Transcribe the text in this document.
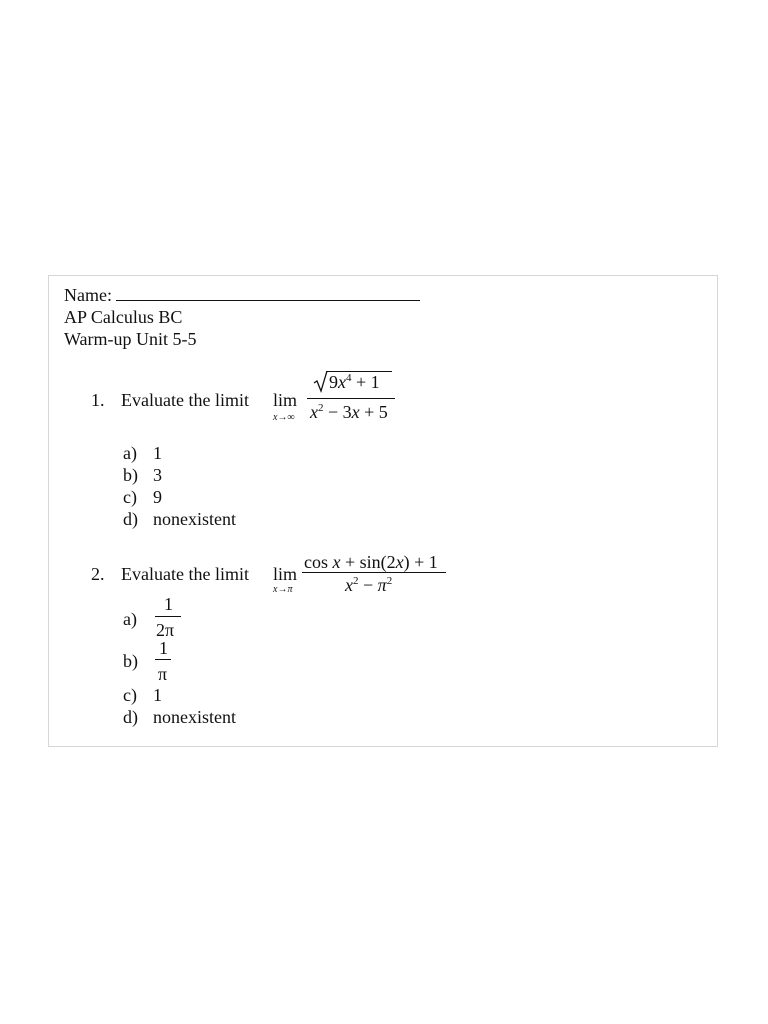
Name:
AP Calculus BC
Warm-up Unit 5-5
1. Evaluate the limit lim
x→∞
$9x^4 + 1$
$x^2 - 3x + 5$
a) 1
b) 3
c) 9
d) nonexistent
2. Evaluate the limit lim
x→π
cos x + sin(2x) + 1
$x^2 - \pi^2$
a)
1
2π
b)
1
π
c) 1
d) nonexistent
